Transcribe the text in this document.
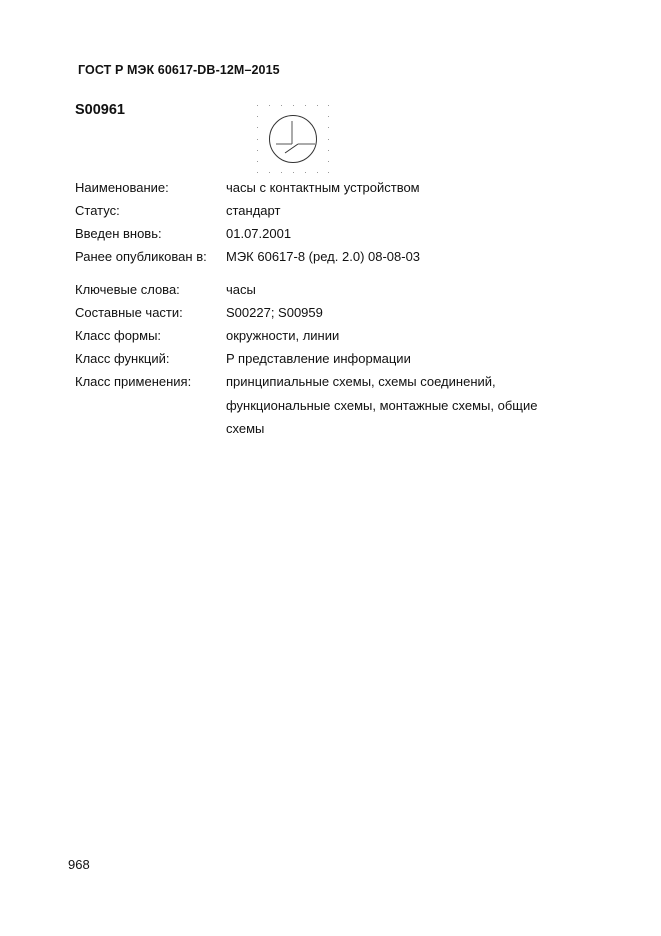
ГОСТ Р МЭК 60617-DB-12M–2015
S00961
Наименование:	часы с контактным устройством
Статус:	стандарт
Введен вновь:	01.07.2001
Ранее опубликован в: МЭК 60617-8 (ред. 2.0) 08-08-03
Ключевые слова:	часы
Составные части:	S00227; S00959
Класс формы:	окружности, линии
Класс функций:	P представление информации
Класс применения:	принципиальные схемы, схемы соединений,
функциональные схемы, монтажные схемы, общие
схемы
968
